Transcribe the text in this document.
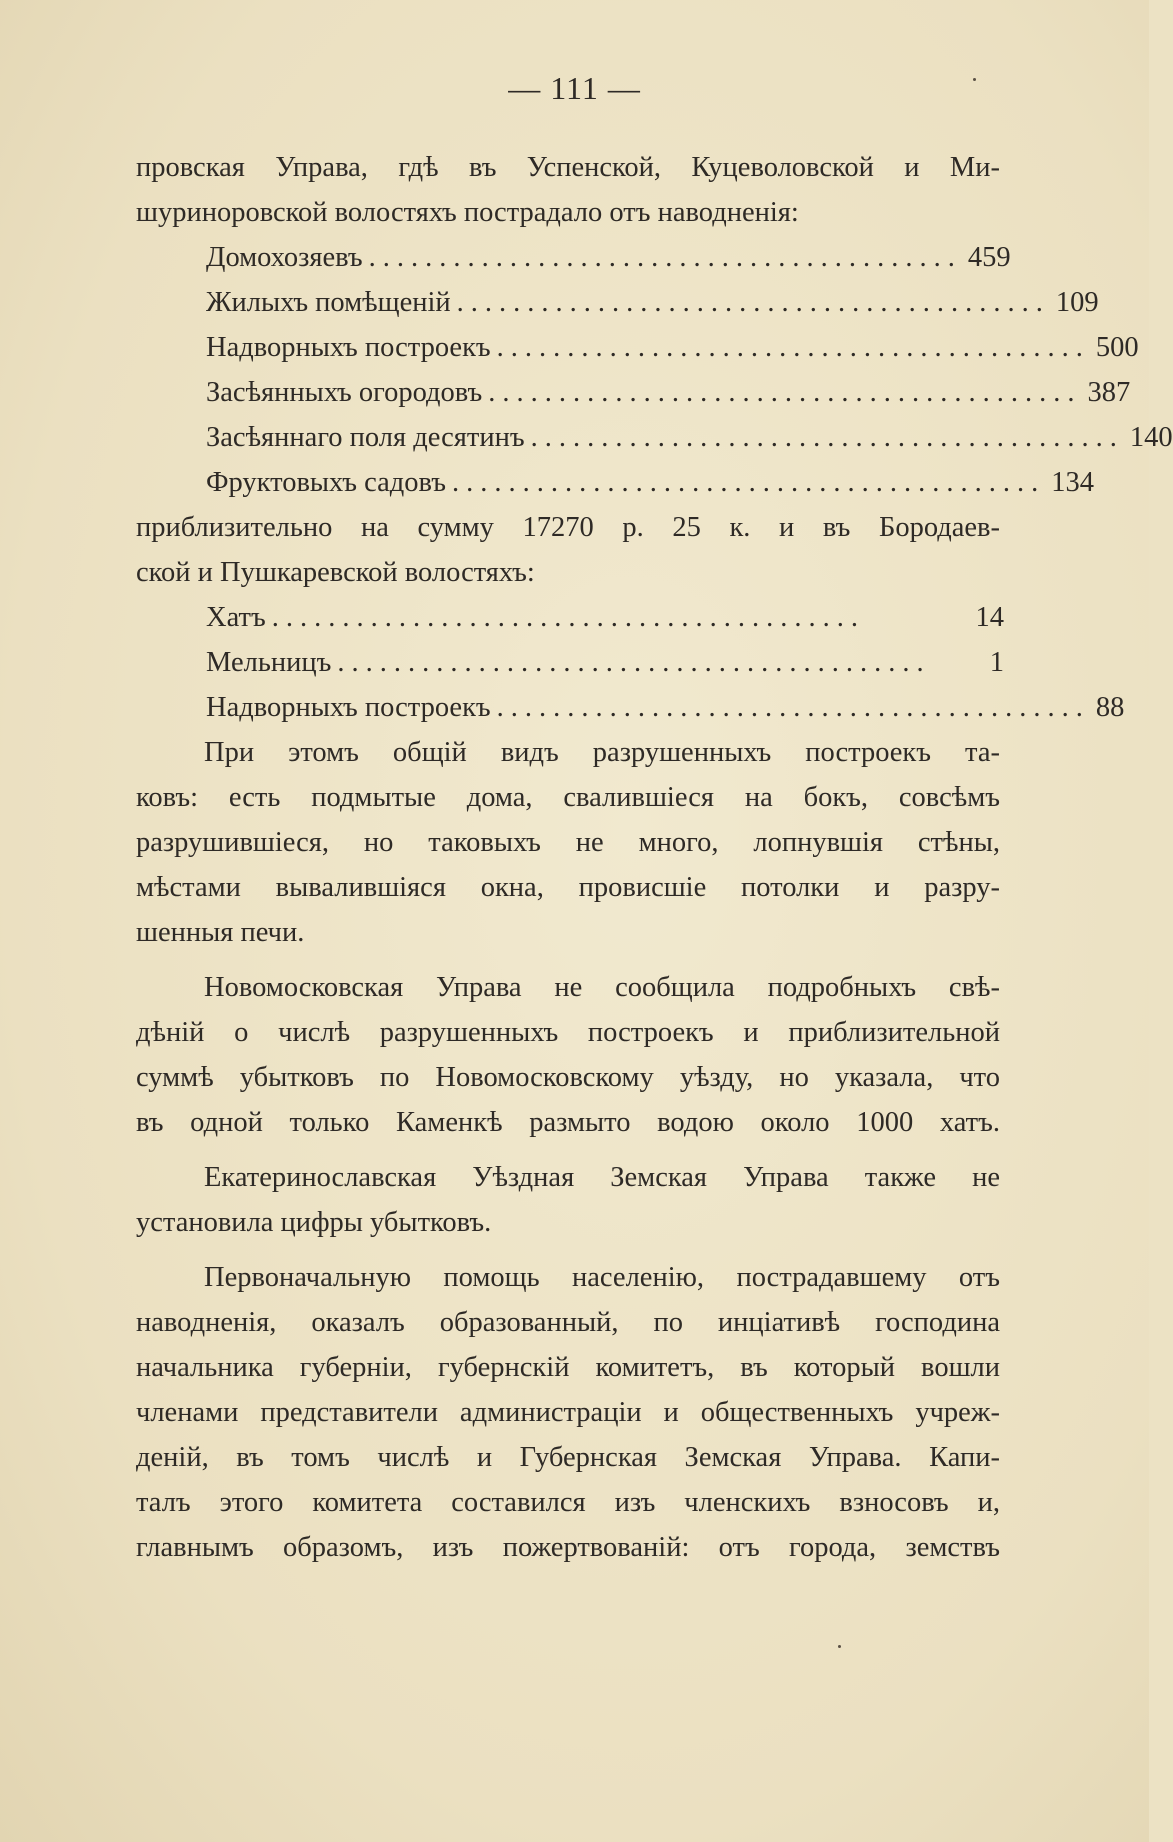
— 111 —
провская Управа, гдѣ въ Успенской, Куцеволовской и Ми-
шуриноровской волостяхъ пострадало отъ наводненія:
Домохозяевъ .......................................... 459
Жилыхъ помѣщеній .......................................... 109
Надворныхъ построекъ .......................................... 500
Засѣянныхъ огородовъ .......................................... 387
Засѣяннаго поля десятинъ .......................................... 140
Фруктовыхъ садовъ .......................................... 134
приблизительно на сумму 17270 р. 25 к. и въ Бородаев-
ской и Пушкаревской волостяхъ:
Хатъ ..........................................	14
Мельницъ ..........................................	1
Надворныхъ построекъ .......................................... 88
При этомъ общій видъ разрушенныхъ построекъ та-
ковъ: есть подмытые дома, свалившіеся на бокъ, совсѣмъ
разрушившіеся, но таковыхъ не много, лопнувшія стѣны,
мѣстами вывалившіяся окна, провисшіе потолки и разру-
шенныя печи.
Новомосковская Управа не сообщила подробныхъ свѣ-
дѣній о числѣ разрушенныхъ построекъ и приблизительной
суммѣ убытковъ по Новомосковскому уѣзду, но указала, что
въ одной только Каменкѣ размыто водою около 1000 хатъ.
Екатеринославская Уѣздная Земская Управа также не
установила цифры убытковъ.
Первоначальную помощь населенію, пострадавшему отъ
наводненія, оказалъ образованный, по инціативѣ господина
начальника губерніи, губернскій комитетъ, въ который вошли
членами представители администраціи и общественныхъ учреж-
деній, въ томъ числѣ и Губернская Земская Управа. Капи-
талъ этого комитета составился изъ членскихъ взносовъ и,
главнымъ образомъ, изъ пожертвованій: отъ города, земствъ
